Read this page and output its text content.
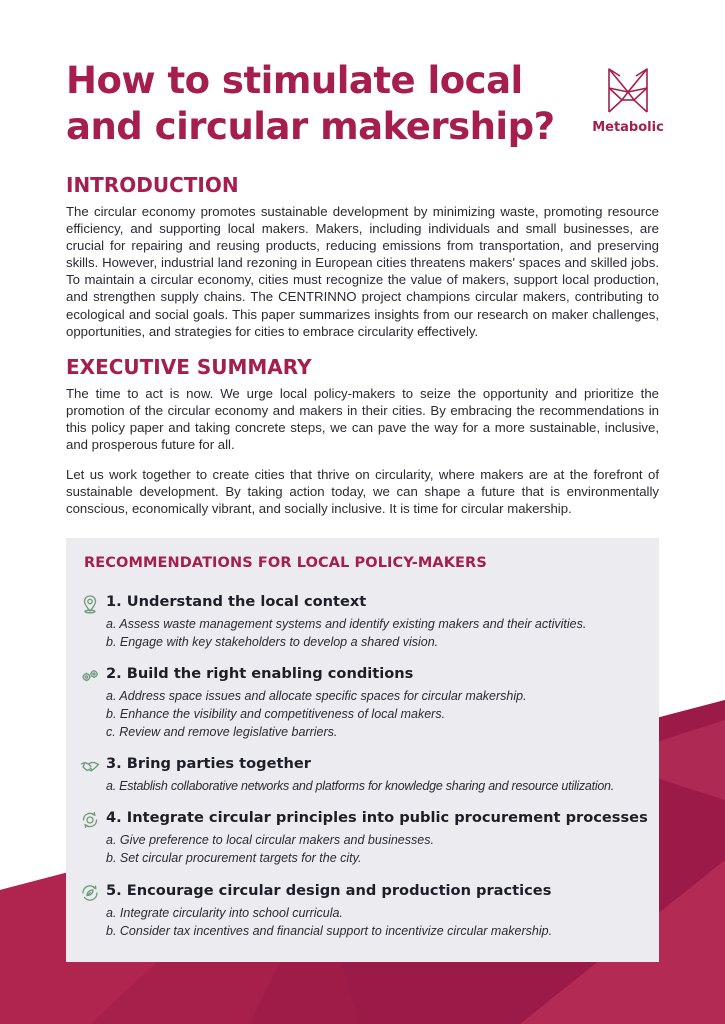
How to stimulate local
and circular makership?	Metabolic
INTRODUCTION

The circular economy promotes sustainable development by minimizing waste, promoting resource efficiency, and supporting local makers. Makers, including individuals and small businesses, are crucial for repairing and reusing products, reducing emissions from transportation, and preserving skills. However, industrial land rezoning in European cities threatens makers' spaces and skilled jobs. To maintain a circular economy, cities must recognize the value of makers, support local production, and strengthen supply chains. The CENTRINNO project champions circular makers, contributing to ecological and social goals. This paper summarizes insights from our research on maker challenges, opportunities, and strategies for cities to embrace circularity effectively.

EXECUTIVE SUMMARY

The time to act is now. We urge local policy-makers to seize the opportunity and prioritize the promotion of the circular economy and makers in their cities. By embracing the recommendations in this policy paper and taking concrete steps, we can pave the way for a more sustainable, inclusive, and prosperous future for all.

Let us work together to create cities that thrive on circularity, where makers are at the forefront of sustainable development. By taking action today, we can shape a future that is environmentally conscious, economically vibrant, and socially inclusive. It is time for circular makership.

RECOMMENDATIONS FOR LOCAL POLICY-MAKERS
1. Understand the local context
a. Assess waste management systems and identify existing makers and their activities.
b. Engage with key stakeholders to develop a shared vision.
2. Build the right enabling conditions
a. Address space issues and allocate specific spaces for circular makership.
b. Enhance the visibility and competitiveness of local makers.
c. Review and remove legislative barriers.
3. Bring parties together
a. Establish collaborative networks and platforms for knowledge sharing and resource utilization.
4. Integrate circular principles into public procurement processes
a. Give preference to local circular makers and businesses.
b. Set circular procurement targets for the city.
5. Encourage circular design and production practices
a. Integrate circularity into school curricula.
b. Consider tax incentives and financial support to incentivize circular makership.
